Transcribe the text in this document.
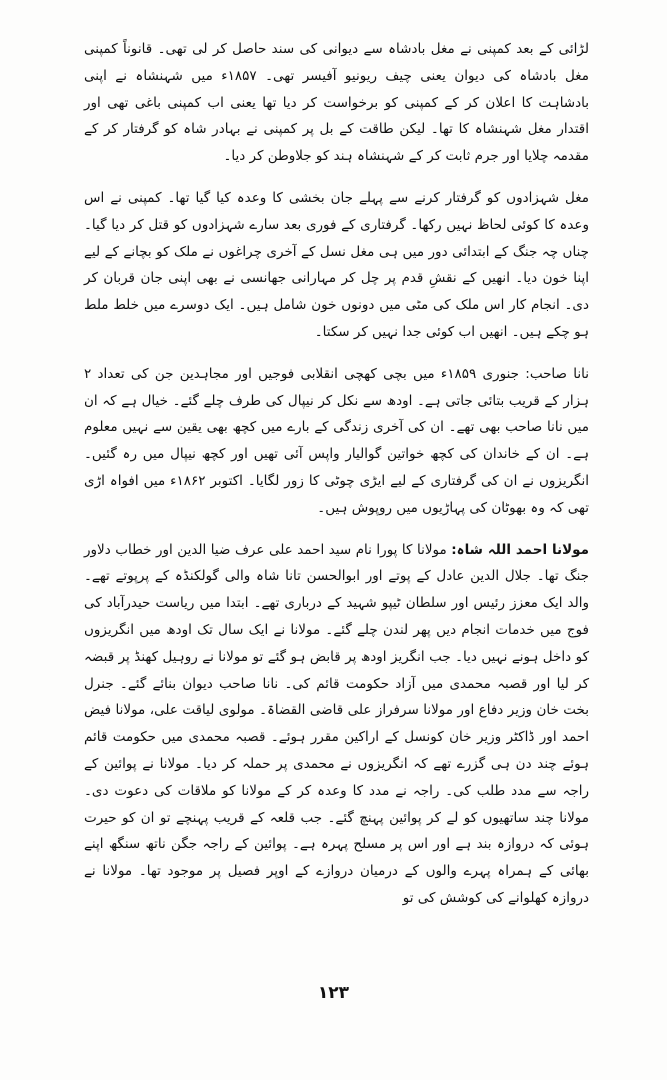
لڑائی کے بعد کمپنی نے مغل بادشاہ سے دیوانی کی سند حاصل کر لی تھی۔ قانوناً کمپنی مغل بادشاہ کی دیوان یعنی چیف ریونیو آفیسر تھی۔ ۱۸۵۷ء میں شہنشاہ نے اپنی بادشاہت کا اعلان کر کے کمپنی کو برخواست کر دیا تھا یعنی اب کمپنی باغی تھی اور اقتدار مغل شہنشاہ کا تھا۔ لیکن طاقت کے بل پر کمپنی نے بہادر شاہ کو گرفتار کر کے مقدمہ چلایا اور جرم ثابت کر کے شہنشاہ ہند کو جلاوطن کر دیا۔

مغل شہزادوں کو گرفتار کرنے سے پہلے جان بخشی کا وعدہ کیا گیا تھا۔ کمپنی نے اس وعدہ کا کوئی لحاظ نہیں رکھا۔ گرفتاری کے فوری بعد سارے شہزادوں کو قتل کر دیا گیا۔ چناں چہ جنگ کے ابتدائی دور میں ہی مغل نسل کے آخری چراغوں نے ملک کو بچانے کے لیے اپنا خون دیا۔ انھیں کے نقشِ قدم پر چل کر مہارانی جھانسی نے بھی اپنی جان قربان کر دی۔ انجام کار اس ملک کی مٹی میں دونوں خون شامل ہیں۔ ایک دوسرے میں خلط ملط ہو چکے ہیں۔ انھیں اب کوئی جدا نہیں کر سکتا۔

نانا صاحب: جنوری ۱۸۵۹ء میں بچی کھچی انقلابی فوجیں اور مجاہدین جن کی تعداد ۲ ہزار کے قریب بتائی جاتی ہے۔ اودھ سے نکل کر نیپال کی طرف چلے گئے۔ خیال ہے کہ ان میں نانا صاحب بھی تھے۔ ان کی آخری زندگی کے بارے میں کچھ بھی یقین سے نہیں معلوم ہے۔ ان کے خاندان کی کچھ خواتین گوالیار واپس آئی تھیں اور کچھ نیپال میں رہ گئیں۔ انگریزوں نے ان کی گرفتاری کے لیے ایڑی چوٹی کا زور لگایا۔ اکتوبر ۱۸۶۲ء میں افواہ اڑی تھی کہ وہ بھوٹان کی پہاڑیوں میں روپوش ہیں۔

مولانا احمد اللہ شاہ: مولانا کا پورا نام سید احمد علی عرف ضیا الدین اور خطاب دلاور جنگ تھا۔ جلال الدین عادل کے پوتے اور ابوالحسن تانا شاہ والی گولکنڈہ کے پرپوتے تھے۔ والد ایک معزز رئیس اور سلطان ٹیپو شہید کے درباری تھے۔ ابتدا میں ریاست حیدرآباد کی فوج میں خدمات انجام دیں پھر لندن چلے گئے۔ مولانا نے ایک سال تک اودھ میں انگریزوں کو داخل ہونے نہیں دیا۔ جب انگریز اودھ پر قابض ہو گئے تو مولانا نے روہیل کھنڈ پر قبضہ کر لیا اور قصبہ محمدی میں آزاد حکومت قائم کی۔ نانا صاحب دیوان بنائے گئے۔ جنرل بخت خان وزیر دفاع اور مولانا سرفراز علی قاضی القضاۃ۔ مولوی لیاقت علی، مولانا فیض احمد اور ڈاکٹر وزیر خان کونسل کے اراکین مقرر ہوئے۔ قصبہ محمدی میں حکومت قائم ہوئے چند دن ہی گزرے تھے کہ انگریزوں نے محمدی پر حملہ کر دیا۔ مولانا نے پوائین کے راجہ سے مدد طلب کی۔ راجہ نے مدد کا وعدہ کر کے مولانا کو ملاقات کی دعوت دی۔ مولانا چند ساتھیوں کو لے کر پوائین پہنچ گئے۔ جب قلعہ کے قریب پہنچے تو ان کو حیرت ہوئی کہ دروازہ بند ہے اور اس پر مسلح پہرہ ہے۔ پوائین کے راجہ جگن ناتھ سنگھ اپنے بھائی کے ہمراہ پہرے والوں کے درمیان دروازے کے اوپر فصیل پر موجود تھا۔ مولانا نے دروازہ کھلوانے کی کوشش کی تو

۱۲۳
